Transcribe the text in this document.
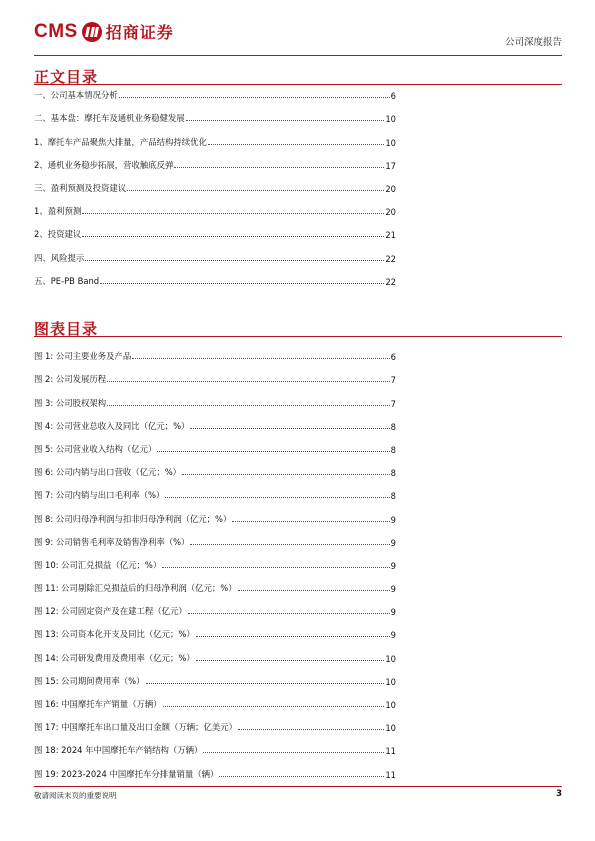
CMS 招商证券
公司深度报告
正文目录
一、公司基本情况分析	6
二、基本盘：摩托车及通机业务稳健发展	10
1、摩托车产品聚焦大排量，产品结构持续优化	10
2、通机业务稳步拓展，营收触底反弹	17
三、盈利预测及投资建议	20
1、盈利预测	20
2、投资建议	21
四、风险提示	22
五、PE-PB Band	22
图表目录
图 1: 公司主要业务及产品	6
图 2: 公司发展历程	7
图 3: 公司股权架构	7
图 4: 公司营业总收入及同比（亿元；%）	8
图 5: 公司营业收入结构（亿元）	8
图 6: 公司内销与出口营收（亿元；%）	8
图 7: 公司内销与出口毛利率（%）	8
图 8: 公司归母净利润与扣非归母净利润（亿元；%）	9
图 9: 公司销售毛利率及销售净利率（%）	9
图 10: 公司汇兑损益（亿元；%）	9
图 11: 公司剔除汇兑损益后的归母净利润（亿元；%）	9
图 12: 公司固定资产及在建工程（亿元）	9
图 13: 公司资本化开支及同比（亿元；%）	9
图 14: 公司研发费用及费用率（亿元；%）	10
图 15: 公司期间费用率（%）	10
图 16: 中国摩托车产销量（万辆）	10
图 17: 中国摩托车出口量及出口金额（万辆；亿美元）	10
图 18: 2024 年中国摩托车产销结构（万辆）	11
图 19: 2023-2024 中国摩托车分排量销量（辆）	11
敬请阅读末页的重要说明	3
